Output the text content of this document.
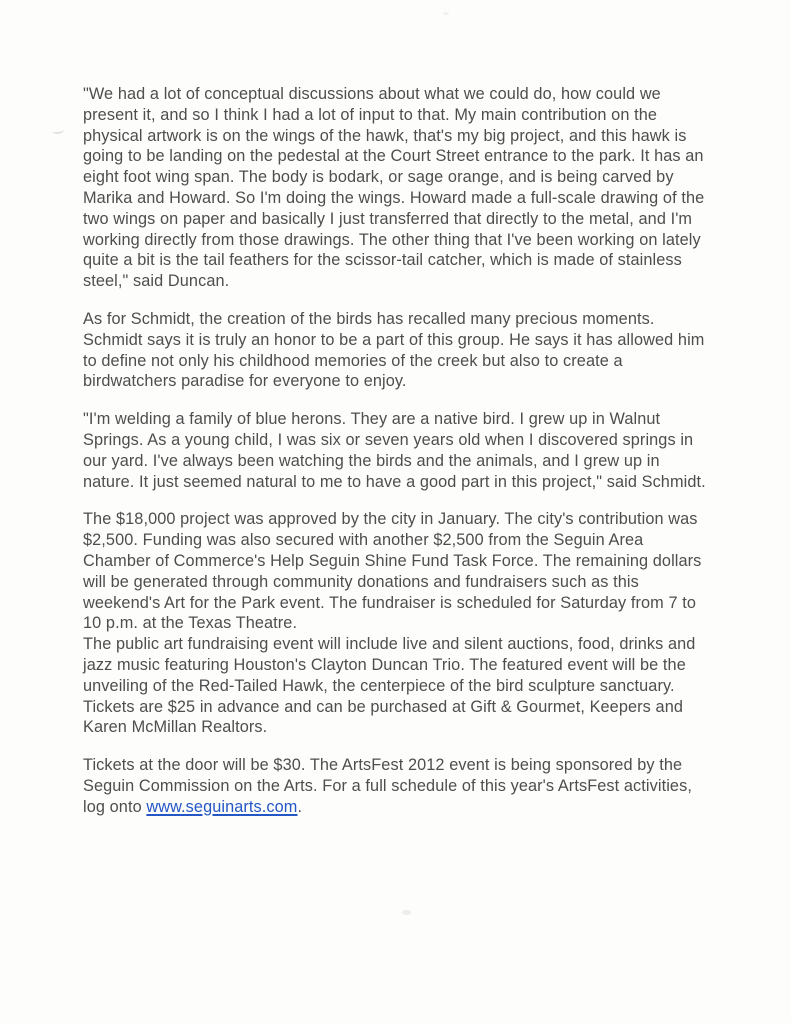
"We had a lot of conceptual discussions about what we could do, how could we present it, and so I think I had a lot of input to that. My main contribution on the physical artwork is on the wings of the hawk, that's my big project, and this hawk is going to be landing on the pedestal at the Court Street entrance to the park. It has an eight foot wing span. The body is bodark, or sage orange, and is being carved by Marika and Howard. So I'm doing the wings. Howard made a full-scale drawing of the two wings on paper and basically I just transferred that directly to the metal, and I'm working directly from those drawings. The other thing that I've been working on lately quite a bit is the tail feathers for the scissor-tail catcher, which is made of stainless steel," said Duncan.

As for Schmidt, the creation of the birds has recalled many precious moments. Schmidt says it is truly an honor to be a part of this group. He says it has allowed him to define not only his childhood memories of the creek but also to create a birdwatchers paradise for everyone to enjoy.

"I'm welding a family of blue herons. They are a native bird. I grew up in Walnut Springs. As a young child, I was six or seven years old when I discovered springs in our yard. I've always been watching the birds and the animals, and I grew up in nature. It just seemed natural to me to have a good part in this project," said Schmidt.

The $18,000 project was approved by the city in January. The city's contribution was $2,500. Funding was also secured with another $2,500 from the Seguin Area Chamber of Commerce's Help Seguin Shine Fund Task Force. The remaining dollars will be generated through community donations and fundraisers such as this weekend's Art for the Park event. The fundraiser is scheduled for Saturday from 7 to 10 p.m. at the Texas Theatre.

The public art fundraising event will include live and silent auctions, food, drinks and jazz music featuring Houston's Clayton Duncan Trio. The featured event will be the unveiling of the Red-Tailed Hawk, the centerpiece of the bird sculpture sanctuary. Tickets are $25 in advance and can be purchased at Gift & Gourmet, Keepers and Karen McMillan Realtors.

Tickets at the door will be $30. The ArtsFest 2012 event is being sponsored by the Seguin Commission on the Arts. For a full schedule of this year's ArtsFest activities, log onto www.seguinarts.com.
